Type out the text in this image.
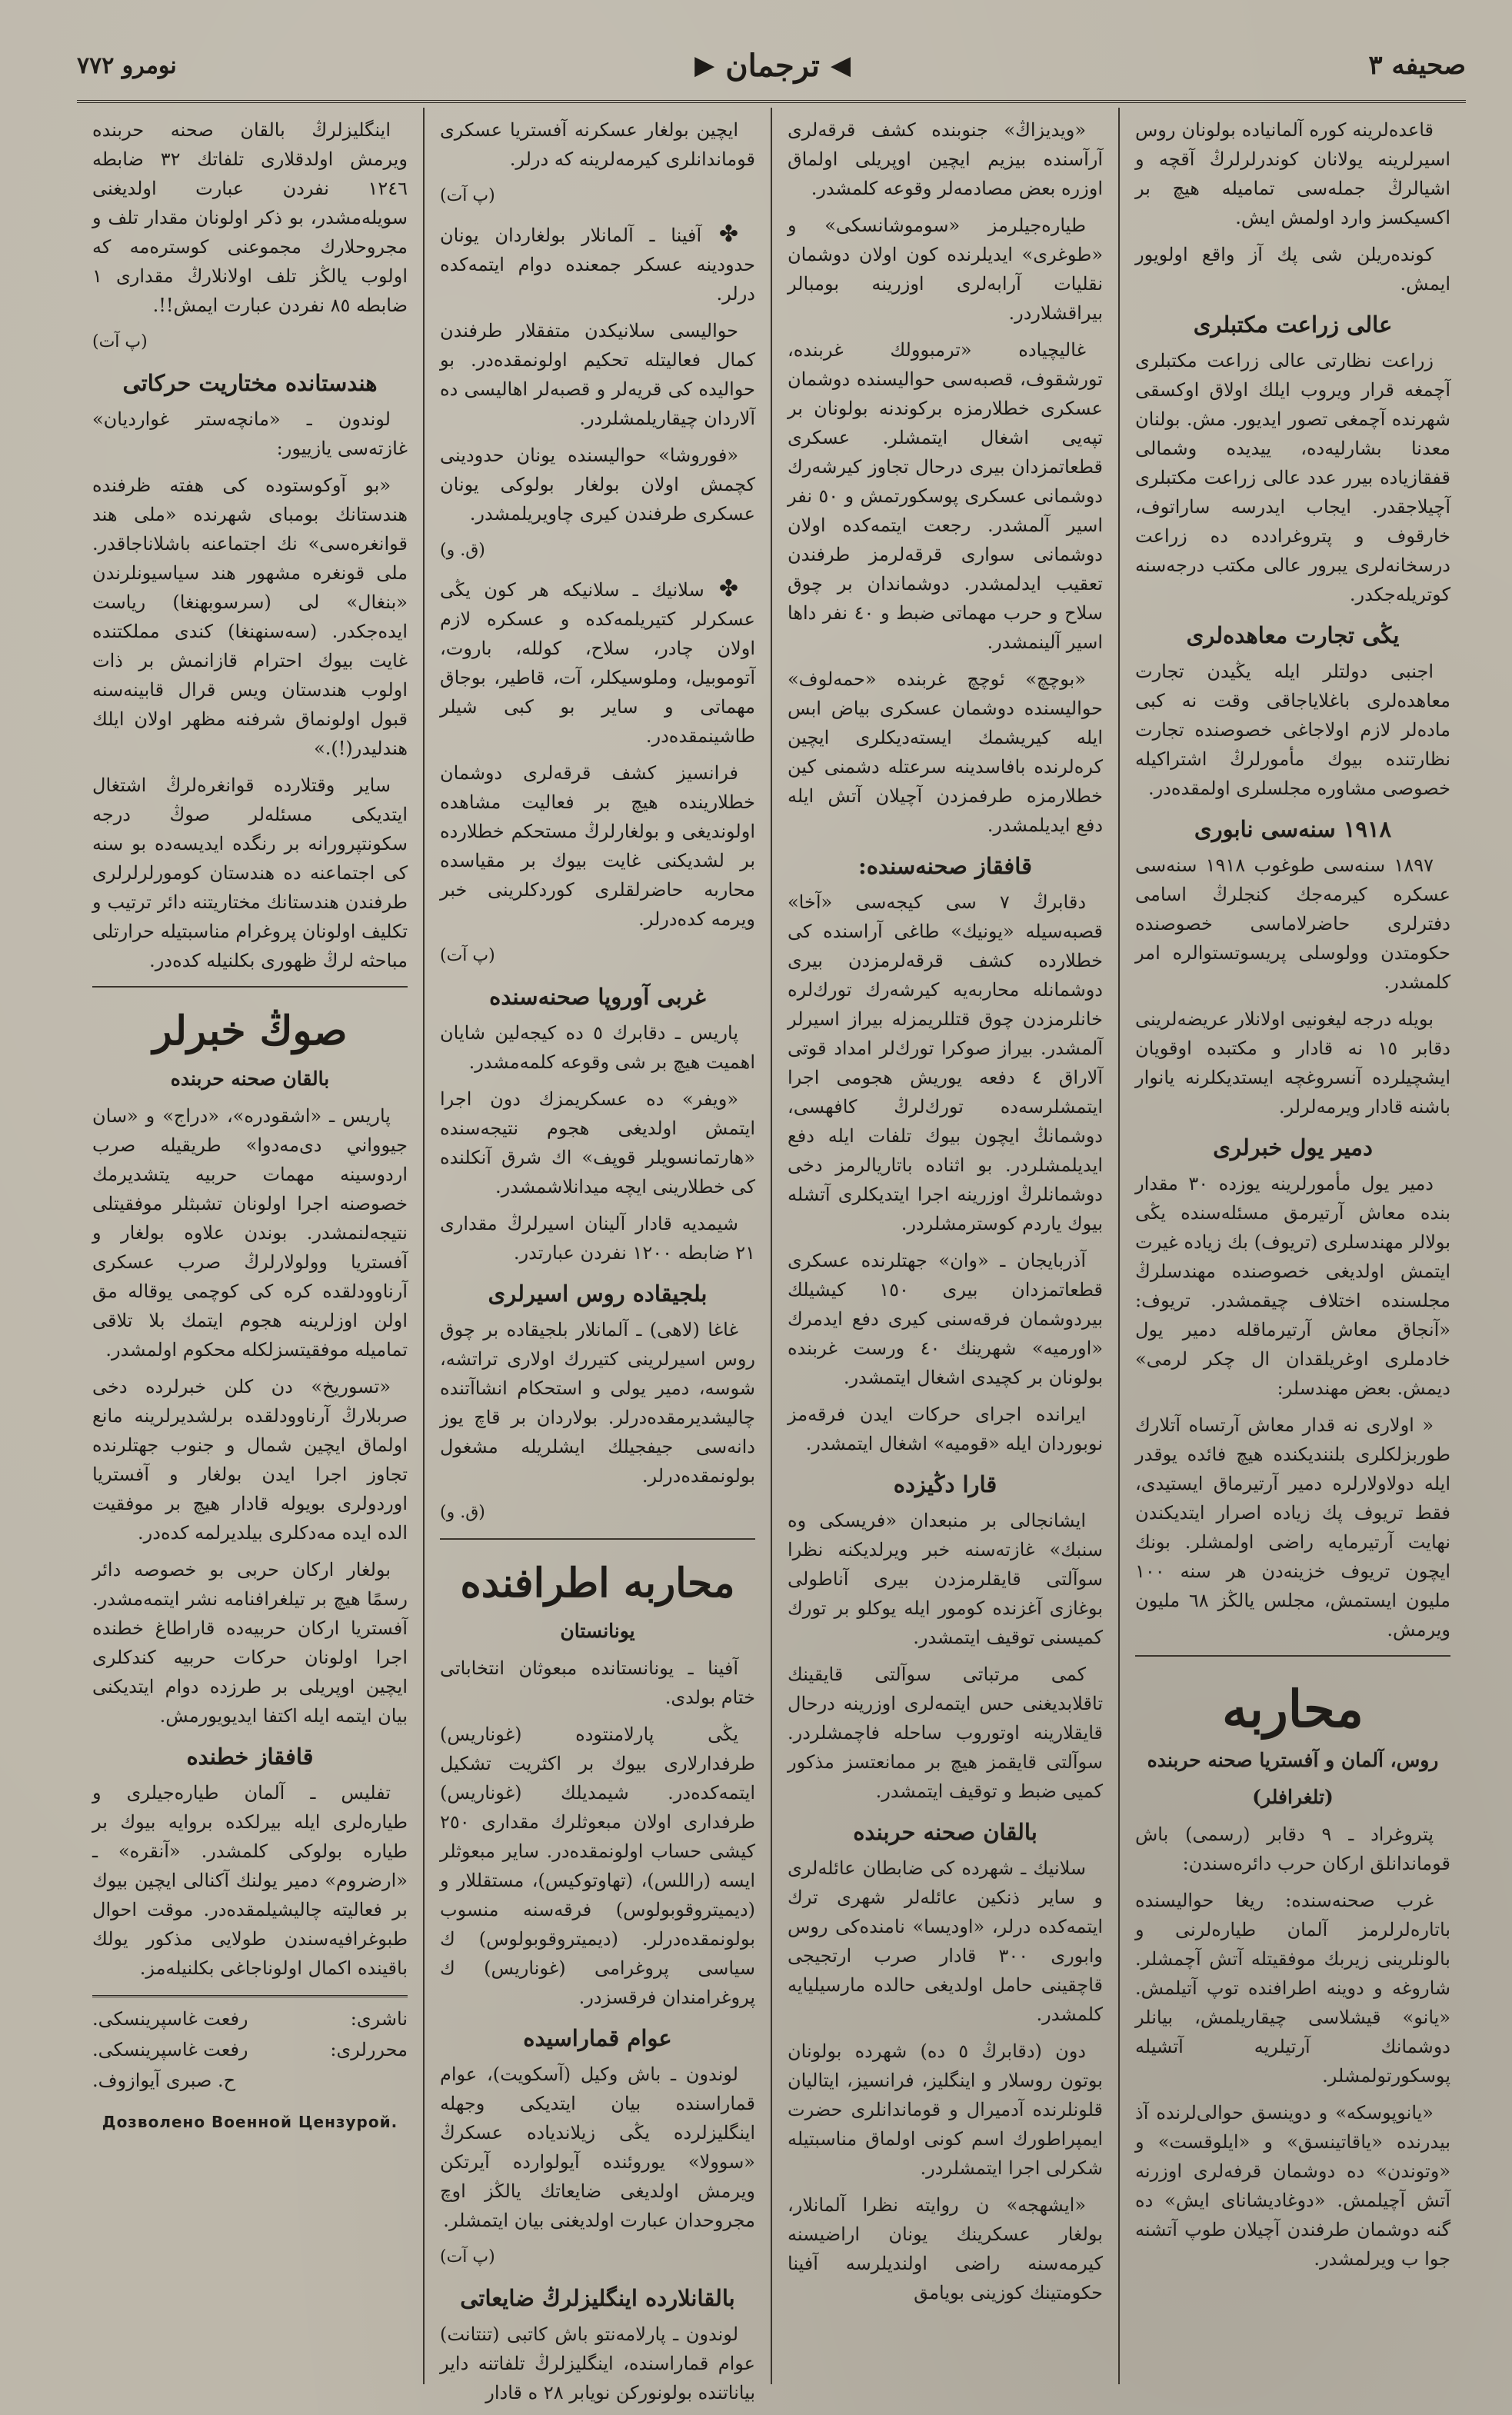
صحيفه ٣
◀
ترجمان
▶
نومرو ٧٧٢

قاعده‌لرينه كوره آلمانيا‌ده بولونان روس اسيرلرينه يولانان كوندرلرلرڭ آقچه و اشيالرڭ جمله‌سى تماميله هيچ بر اكسيكسز وارد اولمش ايش.

كونده‌ريلن شى پك آز واقع اولويور ايمش.

عالى زراعت مكتبلرى

زراعت نظارتى عالى زراعت مكتبلرى آچمغه قرار ويروب ايلك اولاق اوكسقى شهرنده آچمغى تصور ايديور. مش. بولنان معدنا بشارليه‌ده، ييديده وشمالى قفقازياده بيرر عدد عالى زراعت مكتبلرى آچيلاجقدر. ايجاب ايدرسه ساراتوف، خارقوف و پتروغراد‌ده ده زراعت درسخانه‌لرى يبرور عالى مكتب درجه‌سنه كوتريله‌جكدر.

يڭى تجارت معاهده‌لرى

اجنبى دولتلر ايله يڭيدن تجارت معاهده‌لرى باغلاياجاقى وقت نه كبى ماده‌لر لازم اولاجاغى خصوصنده تجارت نظارتنده بيوك مأمورلرڭ اشتراكيله خصوصى مشاوره مجلسلرى اولمقده‌در.

١٩١٨ سنه‌سى نابورى

١٨٩٧ سنه‌سى طوغوب ١٩١٨ سنه‌سى عسكره كيرمه‌جك كنجلرڭ اسامى دفترلرى حاضرلاماسى خصوصنده حكومتدن وولوسلى پريسوتستوالره امر كلمشدر.

بويله درجه ليغونيى اولانلار عريضه‌لرينى دقابر ١٥ نه قادار و مكتبده اوقويان ايشچيلرده آنسروغچه ايستديكلرنه يانوار باشنه قادار ويرمه‌لرلر.

دمير يول خبرلرى

دمير يول مأمورلرينه يوزده ٣٠ مقدار بنده معاش آرتيرمق مسئله‌سنده يڭى بولالر مهندسلرى (تريوف) بك زياده غيرت ايتمش اولديغى خصوصنده مهندسلرڭ مجلسنده اختلاف چيقمشدر. تريوف: «آنجاق معاش آرتيرماقله دمير يول خادملرى اوغريلقدان ال چكر لرمى» ديمش. بعض مهندسلر:

« اولارى نه قدار معاش آرتساه آتلارك طوربزلكلرى بلننديكنده هيچ فائده يوقدر ايله دولاولارلره دمير آرتيرماق ايستيدى، فقط تريوف پك زياده اصرار ايتديكندن نهايت آرتيرمايه راضى اولمشلر. بونك ايچون تريوف خزينه‌دن هر سنه ١٠٠ مليون ايستمش، مجلس يالڭز ٦٨ مليون ويرمش.

محاربه
روس، آلمان و آفستريا صحنه حربنده
(تلغرافلر)

پتروغراد ـ ٩ دقابر (رسمى) باش قوماندانلق اركان حرب دائره‌سندن:

غرب صحنه‌سنده: ريغا حواليسنده باتاره‌لرلرمز آلمان طياره‌لرنى و بالونلرينى زيربك موفقيتله آتش آچمشلر. شاروغه و دوينه اطرافنده توپ آتيلمش. «يانو» قيشلاسى چيقاريلمش، بيانلر دوشمانك آرتيلريه آتشيله پوسكورتولمشلر.

«يانوپوسكه» و دوينسق حوالى‌لرنده آذ بيدرنده «ياقاتينسق» و «ايلوقست» و «وتوندن» ده دوشمان قرفه‌لرى اوزرنه آتش آچيلمش. «دوغاديشاناى ايش» ده گنه دوشمان طرفندن آچيلان طوپ آتشنه جوا ب ويرلمشدر.

«ويديزاڭ» جنوبنده كشف قرقه‌لرى آرآسنده بيزيم ايچين اوپريلى اولماق اوزره بعض مصادمه‌لر وقوعه كلمشدر.

طياره‌جيلرمز «سوموشانسكى» و «طوغرى» ايديلرنده كون اولان دوشمان نقليات آرابه‌لرى اوزرينه بومبالر بيراقشلاردر.

غاليچياده «ترمبوولك غربنده، تورشقوف، قصبه‌سى حواليسنده دوشمان عسكرى خطلارمزه بركوندنه بولونان بر تپه‌يى اشغال ايتمشلر. عسكرى قطعاتمزدان بيرى درحال تجاوز كيرشه‌رك دوشمانى عسكرى پوسكورتمش و ٥٠ نفر اسير آلمشدر. رجعت ايتمه‌كده اولان دوشمانى سوارى قرقه‌لرمز طرفندن تعقيب ايدلمشدر. دوشماندان بر چوق سلاح و حرب مهماتى ضبط و ٤٠ نفر داها اسير آلينمشدر.

«بوچچ» ئوچچ غربنده «حمه‌لوف» حواليسنده دوشمان عسكرى بياض ابس ايله كيريشمك ايسته‌ديكلرى ايچين كره‌لرنده بافاسدينه سرعتله دشمنى كين خطلارمزه طرفمزدن آچيلان آتش ايله دفع ايديلمشدر.

قافقاز صحنه‌سنده:

دقابرڭ ٧ سى كيجه‌سى «آخا» قصبه‌سيله «يونيك» طاغى آراسنده كى خطلارده كشف قرقه‌لرمزدن بيرى دوشمانله محاربه‌يه كيرشه‌رك تورك‌لره خانلرمزدن چوق قتللريمزله بيراز اسيرلر آلمشدر. بيراز صوكرا تورك‌لر امداد قوتى آلاراق ٤ دفعه يوريش هجومى اجرا ايتمشلرسه‌ده تورك‌لرڭ كافهسى، دوشمانڭ ايچون بيوك تلفات ايله دفع ايديلمشلردر. بو اثناده باتاريالرمز دخى دوشمانلرڭ اوزرينه اجرا ايتديكلرى آتشله بيوك ياردم كوسترمشلردر.

آذربايجان ـ «وان» جهتلرنده عسكرى قطعاتمزدان بيرى ١٥٠ كيشيلك بيردوشمان فرقه‌سنى كيرى دفع ايدمرك «اورميه» شهرينك ٤٠ ورست غربنده بولونان بر كچيدى اشغال ايتمشدر.

ايرانده اجراى حركات ايدن فرقه‌مز نوبوردان ايله «قوميه» اشغال ايتمشدر.

قارا دڭيزده

ايشانجالى بر منبعدان «فريسكى وه سنبك» غازته‌سنه خبر ويرلديكنه نظرا سوآلتى قايقلرمزدن بيرى آناطولى بوغازى آغزنده كومور ايله يوكلو بر تورك كميسنى توقيف ايتمشدر.

كمى مرتباتى سوآلتى قايقينك تاقلابديغنى حس ايتمه‌لرى اوزرينه درحال قايقلارينه اوتوروب ساحله فاچمشلردر. سوآلتى قايقمز هيچ بر ممانعتسز مذكور كميى ضبط و توقيف ايتمشدر.

بالقان صحنه حربنده

سلانيك ـ شهرده كى ضابطان عائله‌لرى و ساير ذنكين عائله‌لر شهرى ترك ايتمه‌كده درلر، «اوديسا» نامنده‌كى روس وابورى ٣٠٠ قادار صرب ارتجيجى قاچقينى حامل اولديغى حالده مارسيليايه كلمشدر.

دون (دقابرڭ ٥ ده) شهرده بولونان بوتون روسلار و اينگليز، فرانسيز، ايتاليان قلونلرنده آدميرال و قوماندانلرى حضرت ايمپراطورك اسم كونى اولماق مناسبتيله شكرلى اجرا ايتمشلردر.

«ايشهجه» ن روايته نظرا آلمانلار، بولغار عسكرينك يونان اراضيسنه كيرمه‌سنه راضى اولنديلرسه آفينا حكومتينك كوزينى بويامق

ايچين بولغار عسكرنه آفستريا عسكرى قوماندانلرى كيرمه‌لرينه كه درلر.

(پ آت)

✤ آفينا ـ آلمانلار بولغاردان يونان حدودينه عسكر جمعنده دوام ايتمه‌كده درلر.

حواليسى سلانيكدن متفقلار طرفندن كمال فعاليتله تحكيم اولونمقده‌در. بو حواليده كى قريه‌لر و قصبه‌لر اهاليسى ده آلاردان چيقاريلمشلردر.

«فوروشا» حواليسنده يونان حدودينى كچمش اولان بولغار بولوكى يونان عسكرى طرفندن كيرى چاويريلمشدر.

(ق. و)

✤ سلانيك ـ سلانيكه هر كون يڭى عسكرلر كتيريلمه‌كده و عسكره لازم اولان چادر، سلاح، كولله، باروت، آتوموبيل، وملوسيكلر، آت، قاطير، بوجاق مهماتى و ساير بو كبى شيلر طاشينمقده‌در.

فرانسيز كشف قرقه‌لرى دوشمان خطلارينده هيچ بر فعاليت مشاهده اولونديغى و بولغارلرڭ مستحكم خطلارده بر لشديكنى غايت بيوك بر مقياسده محاربه حاضرلقلرى كوردكلرينى خبر ويرمه كده‌درلر.

(پ آت)
غربى آوروپا صحنه‌سنده

پاريس ـ دقابرك ٥ ده كيجه‌لين شايان اهميت هيچ بر شى وقوعه كلمه‌مشدر.

«ويفر» ده عسكريمزك دون اجرا ايتمش اولديغى هجوم نتيجه‌سنده «هارتمانسويلر قوپف» اك شرق آنكلنده كى خطلارينى ايچه ميدانلاشمشدر.

شيمديه قادار آلينان اسيرلرڭ مقدارى ٢١ ضابطه ١٢٠٠ نفردن عبارتدر.

بلجيقاده روس اسيرلرى

غاغا (لاهى) ـ آلمانلار بلجيقاده بر چوق روس اسيرلرينى كتيررك اولارى تراتشه، شوسه، دمير يولى و استحكام انشاآتنده چاليشديرمقده‌درلر. بولاردان بر قاچ يوز دانه‌سى جيفجيلك ايشلريله مشغول بولونمقده‌درلر.

(ق. و)
محاربه اطرافنده
يونانستان

آفينا ـ يونانستانده مبعوثان انتخاباتى ختام بولدى.

يڭى پارلامنتوده (غوناريس) طرفدارلارى بيوك بر اكثريت تشكيل ايتمه‌كده‌در. شيمديلك (غوناريس) طرفدارى اولان مبعوثلرك مقدارى ٢٥٠ كيشى حساب اولونمقده‌در. ساير مبعوثلر ايسه (راللس)، (تهاوتوكيس)، مستقللار و (ديميتروقوبولوس) فرقه‌سنه منسوب بولونمقده‌درلر. (ديميتروقوبولوس) ك سياسى پروغرامى (غوناريس) ك پروغرامندان فرقسزدر.

عوام قماراسيده

لوندون ـ باش وكيل (آسكويت)، عوام قماراسنده بيان ايتديكى وجهله اينگليزلرده يڭى زيلاندياده عسكرڭ «سوولا» يوروئنده آيولوارده آيرتكن ويرمش اولديغى ضايعاتك يالڭز اوچ مجروحدان عبارت اولديغنى بيان ايتمشلر.

(پ آت)
بالقانلارده اينگليزلرڭ ضايعاتى

لوندون ـ پارلامه‌نتو باش كاتبى (تنتانت) عوام قماراسنده، اينگليزلرڭ تلفاتنه داير بياناتنده بولونوركن نويابر ٢٨ ه قادار

اينگليزلرڭ بالقان صحنه حربنده ويرمش اولدقلارى تلفاتك ٣٢ ضابطه ١٢٤٦ نفردن عبارت اولديغنى سويله‌مشدر، بو ذكر اولونان مقدار تلف و مجروحلارك مجموعنى كوستره‌مه كه اولوب يالڭز تلف اولانلارڭ مقدارى ١ ضابطه ٨٥ نفردن عبارت ايمش!!.

(پ آت)
هندستانده مختاريت حركاتى

لوندون ـ «مانچه‌ستر غوارديان» غازته‌سى يازييور:

«بو آوكوستوده كى هفته ظرفنده هندستانك بومباى شهرنده «ملى هند قوانغره‌سى» نك اجتماعنه باشلاناجاقدر. ملى قونغره مشهور هند سياسيونلرندن «بنغال» لى (سرسوبهنغا) رياست ايده‌جكدر. (سه‌سنهنغا) كندى مملكتنده غايت بيوك احترام قازانمش بر ذات اولوب هندستان ويس قرال قابينه‌سنه قبول اولونماق شرفنه مظهر اولان ايلك هندليدر(!).»

ساير وقتلارده قوانغره‌لرڭ اشتغال ايتديكى مسئله‌لر صوڭ درجه سكونتپرورانه بر رنگده ايديسه‌ده بو سنه كى اجتماعنه ده هندستان كومورلرلرلرى طرفندن هندستانك مختاريتنه دائر ترتيب و تكليف اولونان پروغرام مناسبتيله حرارتلى مباحثه لرڭ ظهورى بكلنيله كده‌در.

صوڭ خبرلر
بالقان صحنه حربنده

پاريس ـ «اشقودره»، «دراج» و «سان جيوواني دى‌مه‌دوا» طريقيله صرب اردوسينه مهمات حربيه يتشديرمك خصوصنه اجرا اولونان تشبثلر موفقيتلى نتيجه‌لنمشدر. بوندن علاوه بولغار و آفستريا وولولارلرڭ صرب عسكرى آرناوودلقده كره كى كوچمى يوقاله مق اولن اوزلرينه هجوم ايتمك بلا تلاقى تماميله موفقيتسزلكله محكوم اولمشدر.

«تسوريخ» دن كلن خبرلرده دخى صربلارڭ آرناوودلقده برلشديرلرينه مانع اولماق ايچين شمال و جنوب جهتلرنده تجاوز اجرا ايدن بولغار و آفستريا اوردولرى بويوله قادار هيچ بر موفقيت الده ايده مه‌دكلرى بيلديرلمه كده‌در.

بولغار اركان حربى بو خصوصه دائر رسمًا هيچ بر تيلغرافنامه نشر ايتمه‌مشدر. آفستريا اركان حربيه‌ده قاراطاغ خطنده اجرا اولونان حركات حربيه كندكلرى ايچين اوپريلى بر طرزده دوام ايتديكنى بيان ايتمه ايله اكتفا ايديويورمش.

قافقاز خطنده

تفليس ـ آلمان طياره‌جيلرى و طياره‌لرى ايله بيرلكده بروايه بيوك بر طياره بولوكى كلمشدر. «آنقره» ـ «ارضروم» دمير يولنك آكنالى ايچين بيوك بر فعاليته چاليشيلمقده‌در. موقت احوال طبوغرافيه‌سندن طولايى مذكور يولك باقينده اكمال اولوناجاغى بكلنيله‌مز.

ناشرى:
رفعت غاسپرينسكى.
محررلرى:
رفعت غاسپرينسكى.
ح. صبرى آيوازوف.
Дозволено Военной Цензурой.
